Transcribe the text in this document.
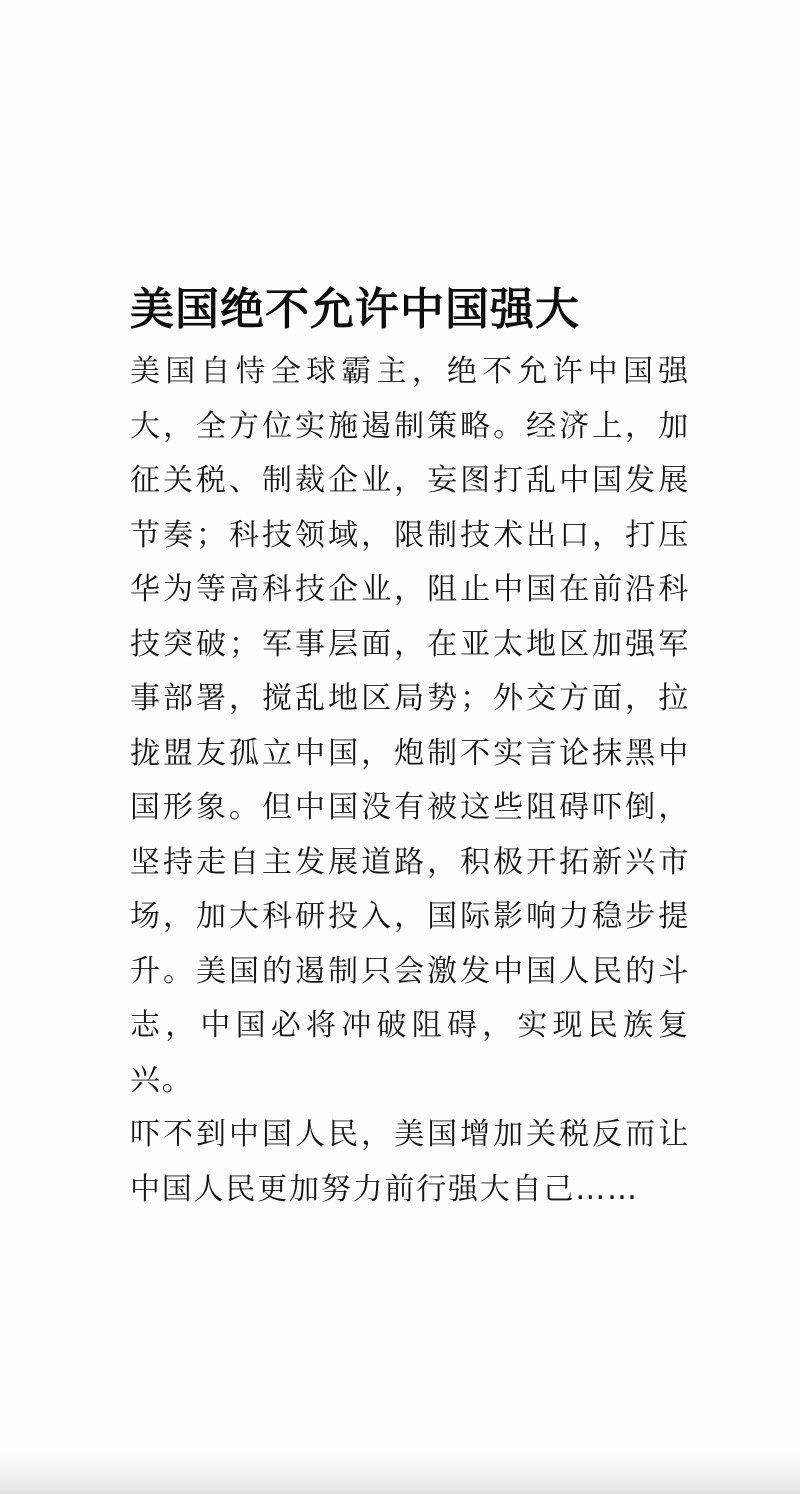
美国绝不允许中国强大

美国自恃全球霸主，绝不允许中国强大，全方位实施遏制策略。经济上，加征关税、制裁企业，妄图打乱中国发展节奏；科技领域，限制技术出口，打压华为等高科技企业，阻止中国在前沿科技突破；军事层面，在亚太地区加强军事部署，搅乱地区局势；外交方面，拉拢盟友孤立中国，炮制不实言论抹黑中国形象。但中国没有被这些阻碍吓倒，坚持走自主发展道路，积极开拓新兴市场，加大科研投入，国际影响力稳步提升。美国的遏制只会激发中国人民的斗志，中国必将冲破阻碍，实现民族复兴。

吓不到中国人民，美国增加关税反而让中国人民更加努力前行强大自己……
